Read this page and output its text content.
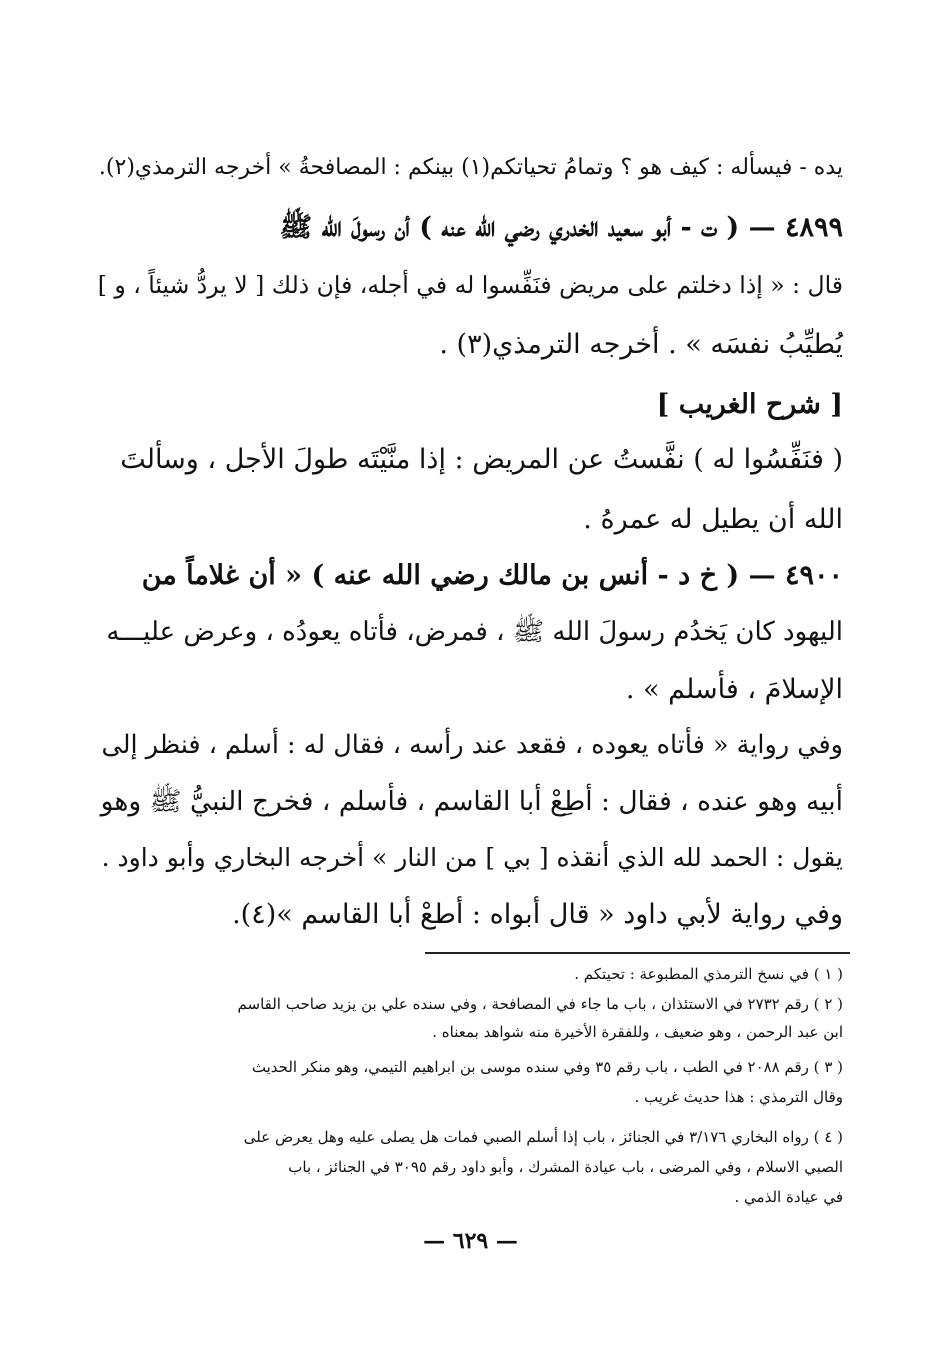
يده - فيسأله : كيف هو ؟ وتمامُ تحياتكم(١) بينكم : المصافحةُ » أخرجه الترمذي(٢).
٤٨٩٩ — ( ت - أبو سعيد الخدري رضي الله عنه ) أن رسولَ الله ﷺ
قال : « إذا دخلتم على مريض فنَفِّسوا له في أجله، فإن ذلك [ لا يردُّ شيئاً ، و ]
يُطيِّبُ نفسَه » . أخرجه الترمذي(٣) .
[ شرح الغريب ]
( فنَفِّسُوا له ) نفَّستُ عن المريض : إذا منَّيْتَه طولَ الأجل ، وسألتَ
الله أن يطيل له عمرهُ .
٤٩٠٠ — ( خ د - أنس بن مالك رضي الله عنه ) « أن غلاماً من
اليهود كان يَخدُم رسولَ الله ﷺ ، فمرض، فأتاه يعودُه ، وعرض عليـــه
الإسلامَ ، فأسلم » .
وفي رواية « فأتاه يعوده ، فقعد عند رأسه ، فقال له : أسلم ، فنظر إلى
أبيه وهو عنده ، فقال : أطِعْ أبا القاسم ، فأسلم ، فخرج النبيُّ ﷺ وهو
يقول : الحمد لله الذي أنقذه [ بي ] من النار » أخرجه البخاري وأبو داود .
وفي رواية لأبي داود « قال أبواه : أطعْ أبا القاسم »(٤).
( ١ ) في نسخ الترمذي المطبوعة : تحيتكم .
( ٢ ) رقم ٢٧٣٢ في الاستئذان ، باب ما جاء في المصافحة ، وفي سنده علي بن يزيد صاحب القاسم
ابن عبد الرحمن ، وهو ضعيف ، وللفقرة الأخيرة منه شواهد بمعناه .
( ٣ ) رقم ٢٠٨٨ في الطب ، باب رقم ٣٥ وفي سنده موسى بن ابراهيم التيمي، وهو منكر الحديث
وقال الترمذي : هذا حديث غريب .
( ٤ ) رواه البخاري ٣/١٧٦ في الجنائز ، باب إذا أسلم الصبي فمات هل يصلى عليه وهل يعرض على
الصبي الاسلام ، وفي المرضى ، باب عيادة المشرك ، وأبو داود رقم ٣٠٩٥ في الجنائز ، باب
في عيادة الذمي .
— ٦٢٩ —
